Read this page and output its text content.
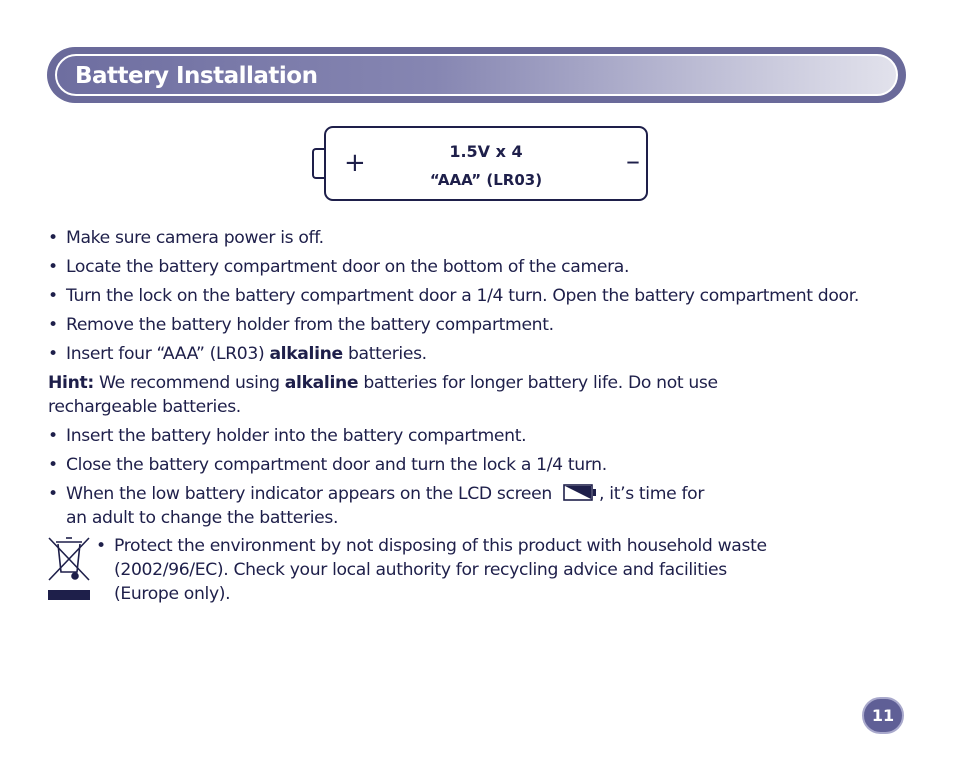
Battery Installation
+	–
1.5V x 4
“AAA” (LR03)
• Make sure camera power is off.
• Locate the battery compartment door on the bottom of the camera.
• Turn the lock on the battery compartment door a 1/4 turn. Open the battery compartment door.
• Remove the battery holder from the battery compartment.
• Insert four “AAA” (LR03) alkaline batteries.
Hint: We recommend using alkaline batteries for longer battery life. Do not use
rechargeable batteries.
• Insert the battery holder into the battery compartment.
• Close the battery compartment door and turn the lock a 1/4 turn.
• When the low battery indicator appears on the LCD screen	, it’s time for
an adult to change the batteries.
• Protect the environment by not disposing of this product with household waste
(2002/96/EC). Check your local authority for recycling advice and facilities
(Europe only).
11
